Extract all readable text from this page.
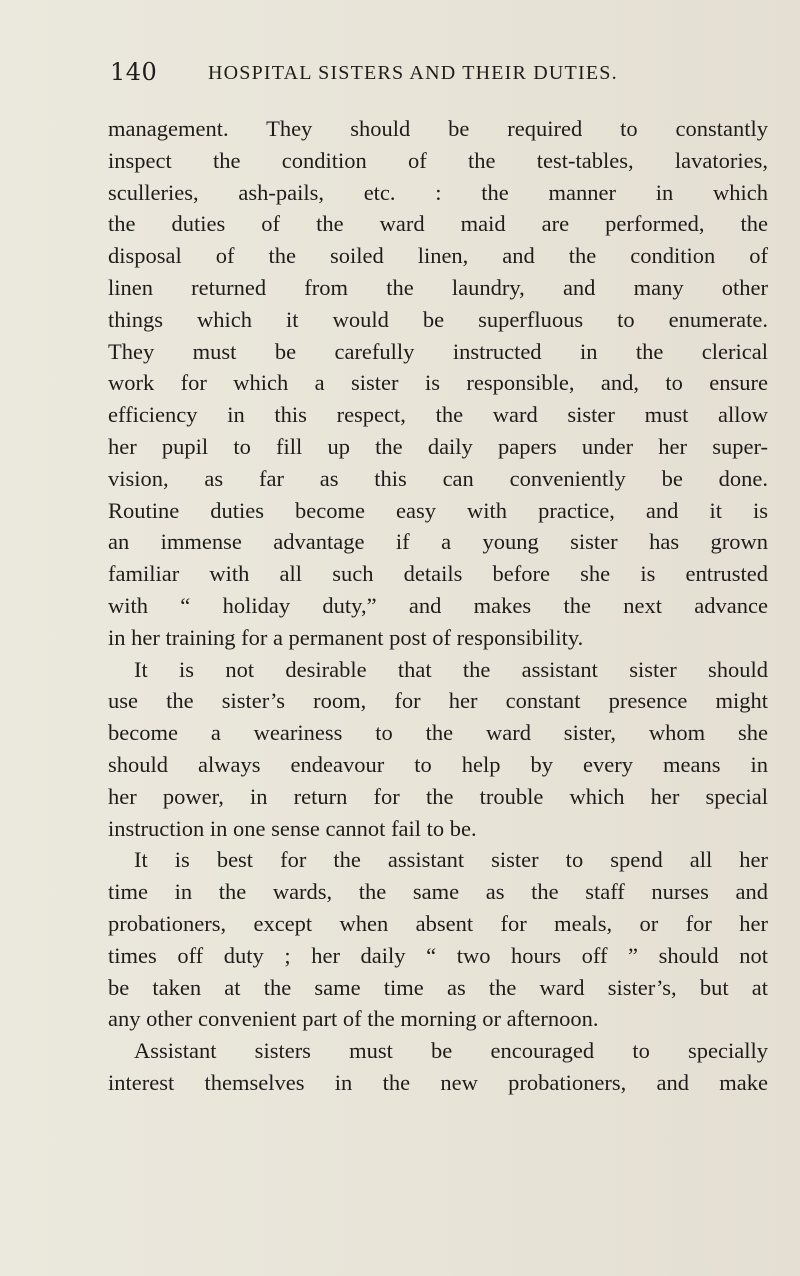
140	HOSPITAL SISTERS AND THEIR DUTIES.
management. They should be required to constantly
inspect the condition of the test-tables, lavatories,
sculleries, ash-pails, etc. : the manner in which
the duties of the ward maid are performed, the
disposal of the soiled linen, and the condition of
linen returned from the laundry, and many other
things which it would be superfluous to enumerate.
They must be carefully instructed in the clerical
work for which a sister is responsible, and, to ensure
efficiency in this respect, the ward sister must allow
her pupil to fill up the daily papers under her super-
vision, as far as this can conveniently be done.
Routine duties become easy with practice, and it is
an immense advantage if a young sister has grown
familiar with all such details before she is entrusted
with “ holiday duty,” and makes the next advance
in her training for a permanent post of responsibility.
It is not desirable that the assistant sister should
use the sister’s room, for her constant presence might
become a weariness to the ward sister, whom she
should always endeavour to help by every means in
her power, in return for the trouble which her special
instruction in one sense cannot fail to be.
It is best for the assistant sister to spend all her
time in the wards, the same as the staff nurses and
probationers, except when absent for meals, or for her
times off duty ; her daily “ two hours off ” should not
be taken at the same time as the ward sister’s, but at
any other convenient part of the morning or afternoon.
Assistant sisters must be encouraged to specially
interest themselves in the new probationers, and make
